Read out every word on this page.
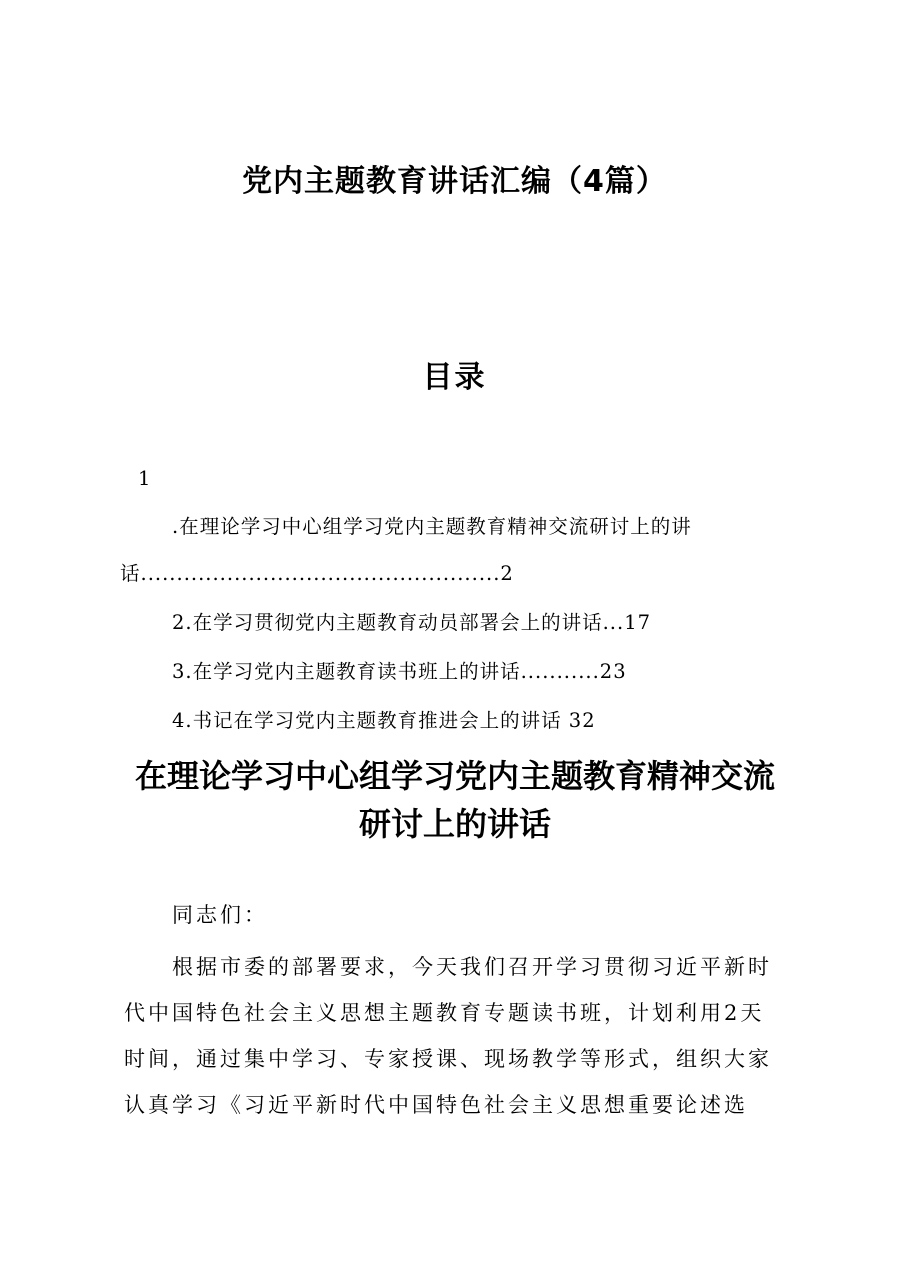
党内主题教育讲话汇编（4篇）
目录
1
.在理论学习中心组学习党内主题教育精神交流研讨上的讲
话..................................................2
2.在学习贯彻党内主题教育动员部署会上的讲话...17
3.在学习党内主题教育读书班上的讲话...........23
4.书记在学习党内主题教育推进会上的讲话 32
在理论学习中心组学习党内主题教育精神交流
研讨上的讲话
同志们：
根据市委的部署要求，今天我们召开学习贯彻习近平新时
代中国特色社会主义思想主题教育专题读书班，计划利用2天
时间，通过集中学习、专家授课、现场教学等形式，组织大家
认真学习《习近平新时代中国特色社会主义思想重要论述选
